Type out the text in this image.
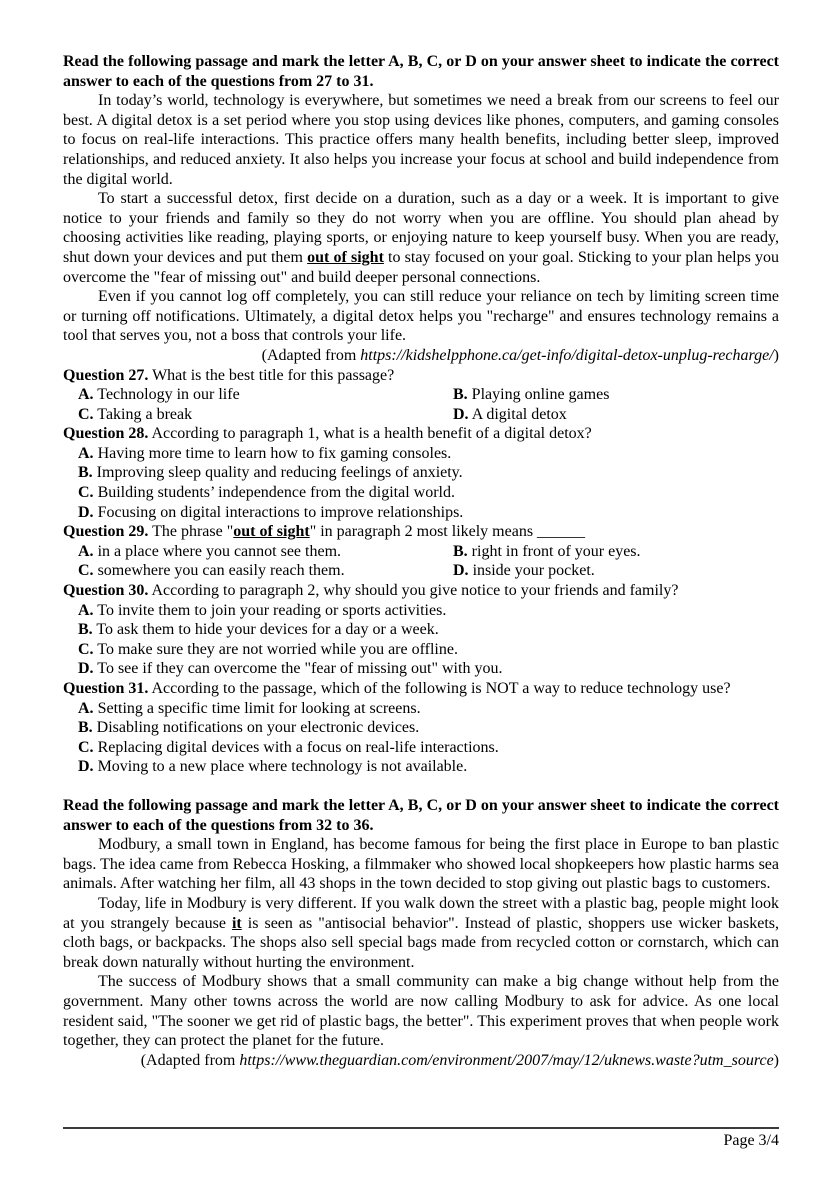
Read the following passage and mark the letter A, B, C, or D on your answer sheet to indicate the correct answer to each of the questions from 27 to 31.

In today’s world, technology is everywhere, but sometimes we need a break from our screens to feel our best. A digital detox is a set period where you stop using devices like phones, computers, and gaming consoles to focus on real-life interactions. This practice offers many health benefits, including better sleep, improved relationships, and reduced anxiety. It also helps you increase your focus at school and build independence from the digital world.

To start a successful detox, first decide on a duration, such as a day or a week. It is important to give notice to your friends and family so they do not worry when you are offline. You should plan ahead by choosing activities like reading, playing sports, or enjoying nature to keep yourself busy. When you are ready, shut down your devices and put them out of sight to stay focused on your goal. Sticking to your plan helps you overcome the "fear of missing out" and build deeper personal connections.

Even if you cannot log off completely, you can still reduce your reliance on tech by limiting screen time or turning off notifications. Ultimately, a digital detox helps you "recharge" and ensures technology remains a tool that serves you, not a boss that controls your life.

(Adapted from https://kidshelpphone.ca/get-info/digital-detox-unplug-recharge/)

Question 27. What is the best title for this passage?

A. Technology in our life	B. Playing online games

C. Taking a break	D. A digital detox

Question 28. According to paragraph 1, what is a health benefit of a digital detox?

A. Having more time to learn how to fix gaming consoles.

B. Improving sleep quality and reducing feelings of anxiety.

C. Building students’ independence from the digital world.

D. Focusing on digital interactions to improve relationships.

Question 29. The phrase "out of sight" in paragraph 2 most likely means ______

A. in a place where you cannot see them.	B. right in front of your eyes.

C. somewhere you can easily reach them.	D. inside your pocket.

Question 30. According to paragraph 2, why should you give notice to your friends and family?

A. To invite them to join your reading or sports activities.

B. To ask them to hide your devices for a day or a week.

C. To make sure they are not worried while you are offline.

D. To see if they can overcome the "fear of missing out" with you.

Question 31. According to the passage, which of the following is NOT a way to reduce technology use?

A. Setting a specific time limit for looking at screens.

B. Disabling notifications on your electronic devices.

C. Replacing digital devices with a focus on real-life interactions.

D. Moving to a new place where technology is not available.

Read the following passage and mark the letter A, B, C, or D on your answer sheet to indicate the correct answer to each of the questions from 32 to 36.

Modbury, a small town in England, has become famous for being the first place in Europe to ban plastic bags. The idea came from Rebecca Hosking, a filmmaker who showed local shopkeepers how plastic harms sea animals. After watching her film, all 43 shops in the town decided to stop giving out plastic bags to customers.

Today, life in Modbury is very different. If you walk down the street with a plastic bag, people might look at you strangely because it is seen as "antisocial behavior". Instead of plastic, shoppers use wicker baskets, cloth bags, or backpacks. The shops also sell special bags made from recycled cotton or cornstarch, which can break down naturally without hurting the environment.

The success of Modbury shows that a small community can make a big change without help from the government. Many other towns across the world are now calling Modbury to ask for advice. As one local resident said, "The sooner we get rid of plastic bags, the better". This experiment proves that when people work together, they can protect the planet for the future.

(Adapted from https://www.theguardian.com/environment/2007/may/12/uknews.waste?utm_source)

Page 3/4
